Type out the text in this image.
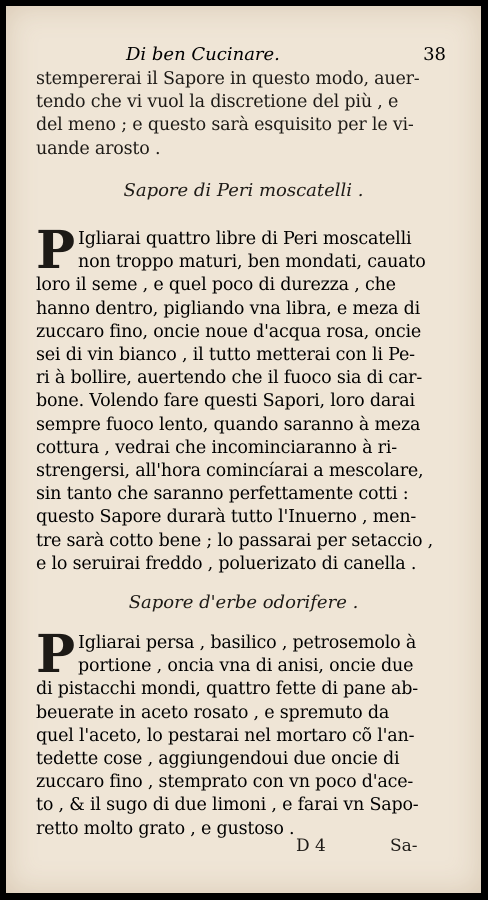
Di ben Cucinare.	38
stempererai il Sapore in questo modo, auer-
tendo che vi vuol la discretione del più , e
del meno ; e questo sarà esquisito per le vi-
uande arosto .
Sapore di Peri moscatelli .
P Igliarai quattro libre di Peri moscatelli
non troppo maturi, ben mondati, cauato
loro il seme , e quel poco di durezza , che
hanno dentro, pigliando vna libra, e meza di
zuccaro fino, oncie noue d'acqua rosa, oncie
sei di vin bianco , il tutto metterai con li Pe-
ri à bollire, auertendo che il fuoco sia di car-
bone. Volendo fare questi Sapori, loro darai
sempre fuoco lento, quando saranno à meza
cottura , vedrai che incominciaranno à ri-
strengersi, all'hora comincíarai a mescolare,
sin tanto che saranno perfettamente cotti :
questo Sapore durarà tutto l'Inuerno , men-
tre sarà cotto bene ; lo passarai per setaccio ,
e lo seruirai freddo , poluerizato di canella .
Sapore d'erbe odorifere .
P Igliarai persa , basilico , petrosemolo à
portione , oncia vna di anisi, oncie due
di pistacchi mondi, quattro fette di pane ab-
beuerate in aceto rosato , e spremuto da
quel l'aceto, lo pestarai nel mortaro cõ l'an-
tedette cose , aggiungendoui due oncie di
zuccaro fino , stemprato con vn poco d'ace-
to , & il sugo di due limoni , e farai vn Sapo-
retto molto grato , e gustoso .
D 4	Sa-
